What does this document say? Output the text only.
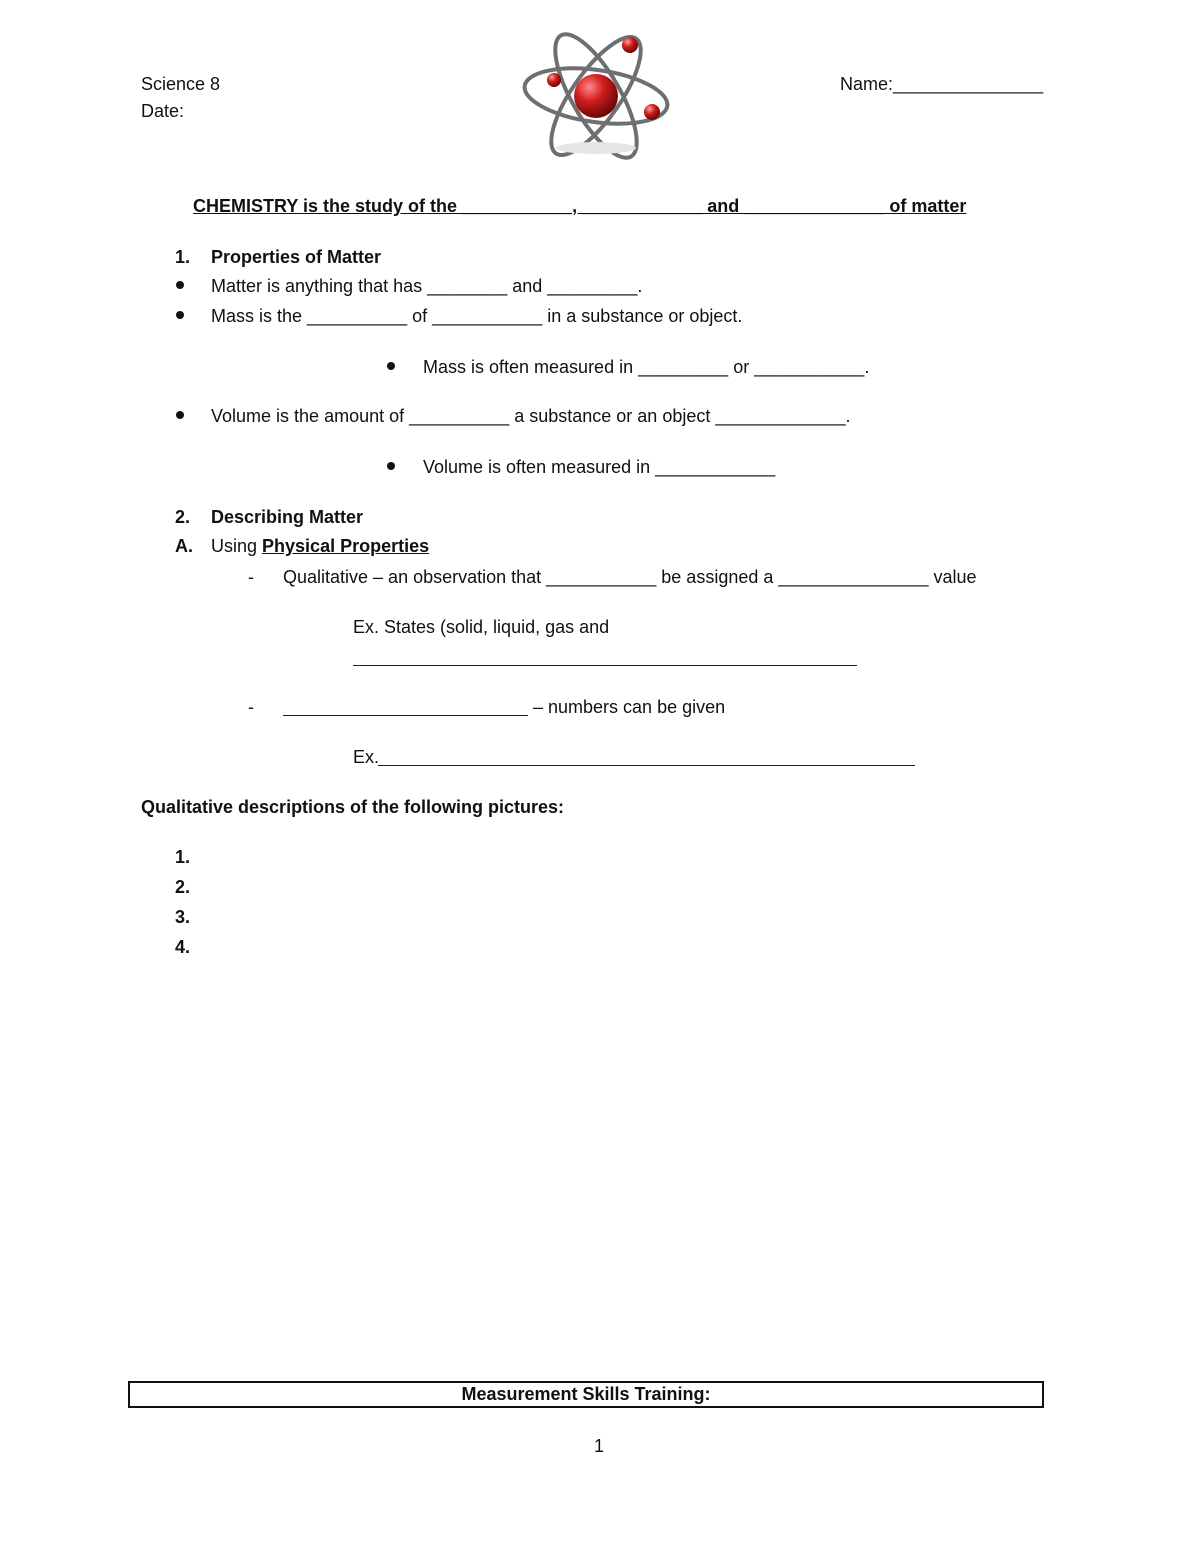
Science 8
Date:
Name:_______________
CHEMISTRY is the study of the ___________, ____________ and ______________ of matter
1. Properties of Matter
Matter is anything that has ________ and _________.
Mass is the __________ of ___________ in a substance or object.
Mass is often measured in _________ or ___________.
Volume is the amount of __________ a substance or an object _____________.
Volume is often measured in ____________
2. Describing Matter
A. Using Physical Properties
- Qualitative – an observation that ___________ be assigned a _______________ value
Ex. States (solid, liquid, gas and
-	– numbers can be given
Ex.
Qualitative descriptions of the following pictures:
1.
2.
3.
4.
Measurement Skills Training:
1
